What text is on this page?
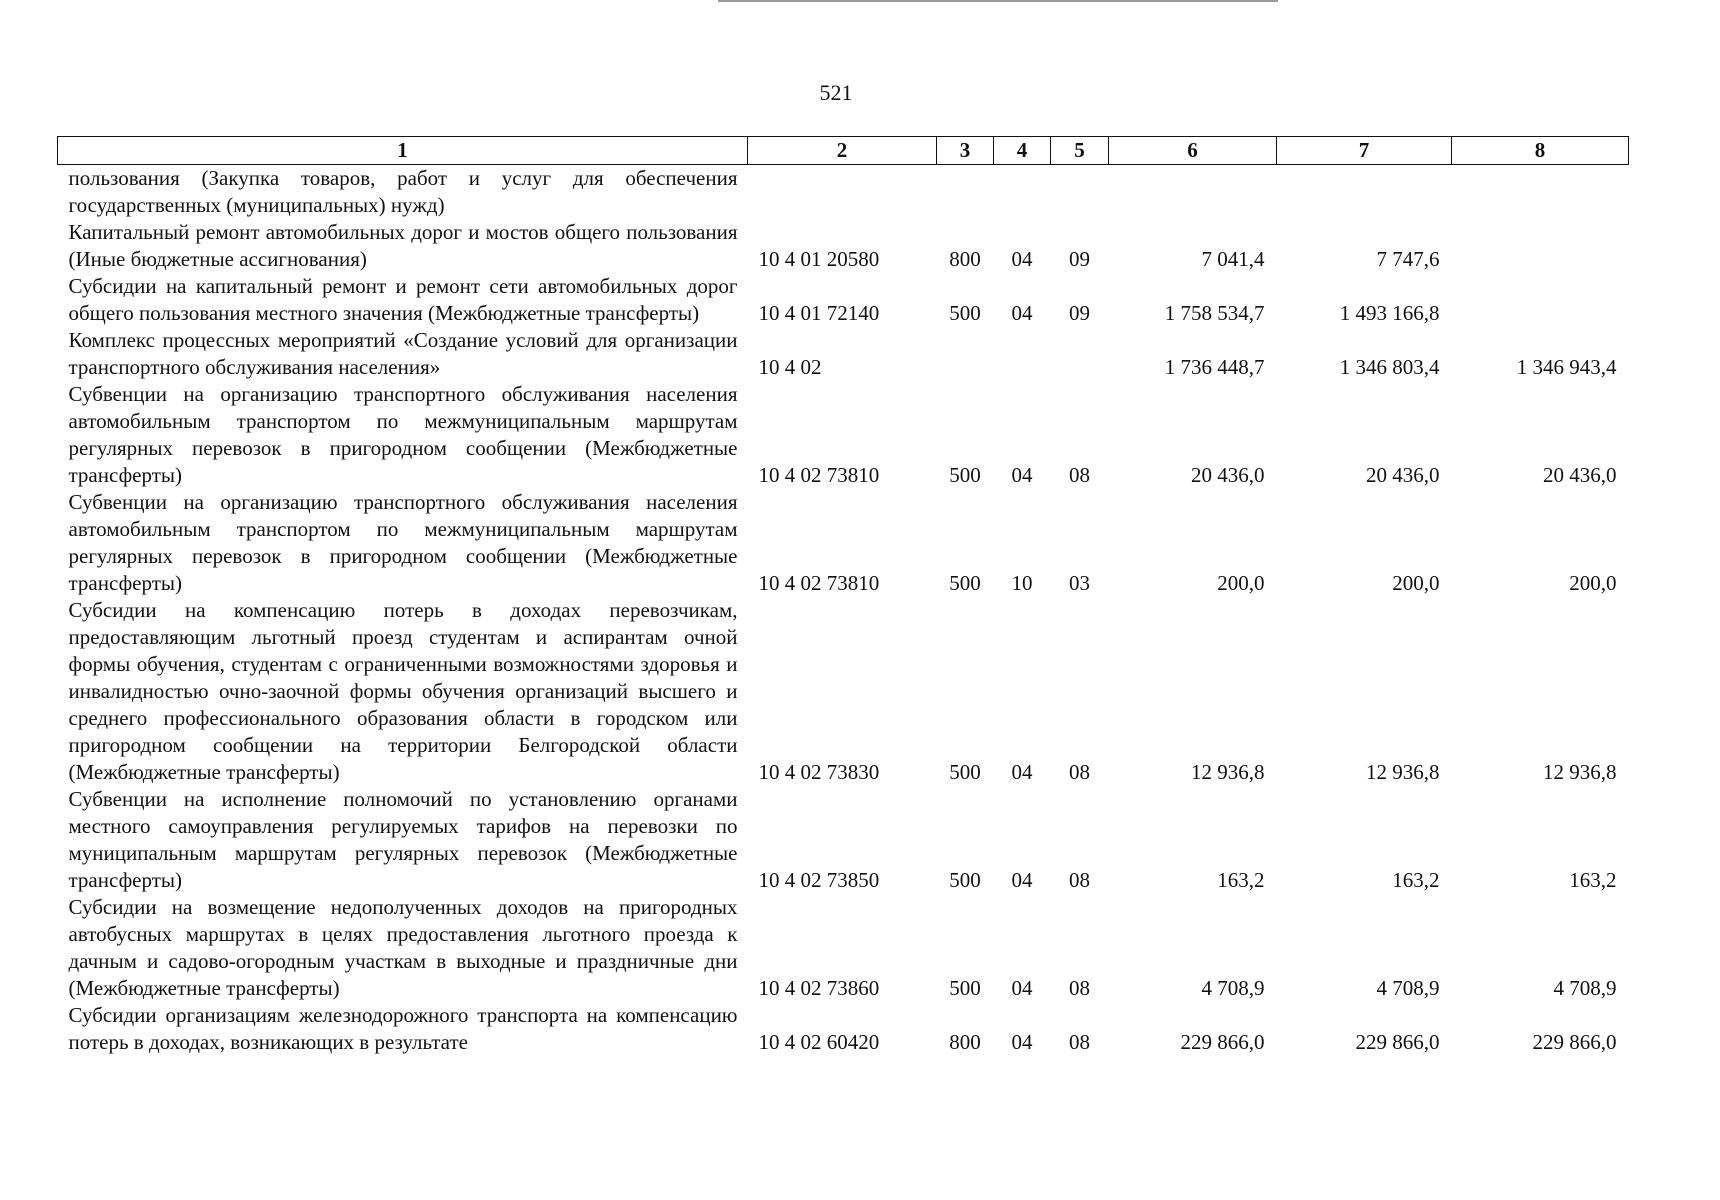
521
1	2	3	4	5	6	7	8
пользования (Закупка товаров, работ и услуг для обеспечения государственных (муниципальных) нужд)							
Капитальный ремонт автомобильных дорог и мостов общего пользования (Иные бюджетные ассигнования)	10 4 01 20580	800	04	09	7 041,4	7 747,6	
Субсидии на капитальный ремонт и ремонт сети автомобильных дорог общего пользования местного значения (Межбюджетные трансферты)	10 4 01 72140	500	04	09	1 758 534,7	1 493 166,8	
Комплекс процессных мероприятий «Создание условий для организации транспортного обслуживания населения»	10 4 02				1 736 448,7	1 346 803,4	1 346 943,4
Субвенции на организацию транспортного обслуживания населения автомобильным транспортом по межмуниципальным маршрутам регулярных перевозок в пригородном сообщении (Межбюджетные трансферты)	10 4 02 73810	500	04	08	20 436,0	20 436,0	20 436,0
Субвенции на организацию транспортного обслуживания населения автомобильным транспортом по межмуниципальным маршрутам регулярных перевозок в пригородном сообщении (Межбюджетные трансферты)	10 4 02 73810	500	10	03	200,0	200,0	200,0
Субсидии на компенсацию потерь в доходах перевозчикам, предоставляющим льготный проезд студентам и аспирантам очной формы обучения, студентам с ограниченными возможностями здоровья и инвалидностью очно-заочной формы обучения организаций высшего и среднего профессионального образования области в городском или пригородном сообщении на территории Белгородской области (Межбюджетные трансферты)	10 4 02 73830	500	04	08	12 936,8	12 936,8	12 936,8
Субвенции на исполнение полномочий по установлению органами местного самоуправления регулируемых тарифов на перевозки по муниципальным маршрутам регулярных перевозок (Межбюджетные трансферты)	10 4 02 73850	500	04	08	163,2	163,2	163,2
Субсидии на возмещение недополученных доходов на пригородных автобусных маршрутах в целях предоставления льготного проезда к дачным и садово-огородным участкам в выходные и праздничные дни (Межбюджетные трансферты)	10 4 02 73860	500	04	08	4 708,9	4 708,9	4 708,9
Субсидии организациям железнодорожного транспорта на компенсацию потерь в доходах, возникающих в результате	10 4 02 60420	800	04	08	229 866,0	229 866,0	229 866,0
